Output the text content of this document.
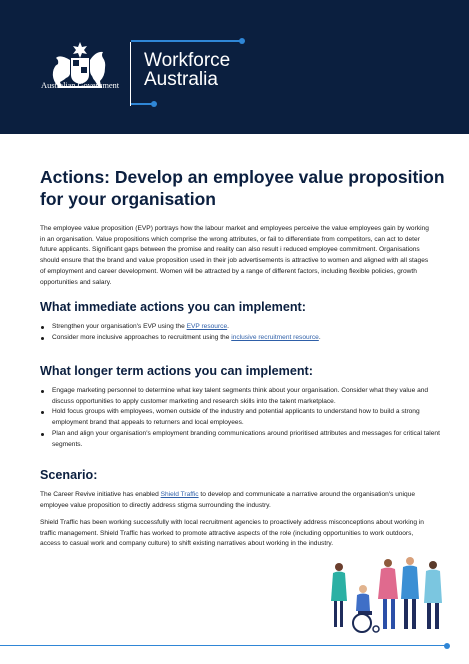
Australian Government
Workforce
Australia
Actions: Develop an employee value proposition for your organisation

The employee value proposition (EVP) portrays how the labour market and employees perceive the value employees gain by working in an organisation. Value propositions which comprise the wrong attributes, or fail to differentiate from competitors, can act to deter future applicants. Significant gaps between the promise and reality can also result i reduced employee commitment. Organisations should ensure that the brand and value proposition used in their job advertisements is attractive to women and aligned with all stages of employment and career development. Women will be attracted by a range of different factors, including flexible policies, growth opportunities and salary.

What immediate actions you can implement:
Strengthen your organisation's EVP using the EVP resource.
Consider more inclusive approaches to recruitment using the inclusive recruitment resource.
What longer term actions you can implement:
Engage marketing personnel to determine what key talent segments think about your organisation. Consider what they value and discuss opportunities to apply customer marketing and research skills into the talent marketplace.
Hold focus groups with employees, women outside of the industry and potential applicants to understand how to build a strong employment brand that appeals to returners and local employees.
Plan and align your organisation's employment branding communications around prioritised attributes and messages for critical talent segments.
Scenario:

The Career Revive initiative has enabled Shield Traffic to develop and communicate a narrative around the organisation's unique employee value proposition to directly address stigma surrounding the industry.

Shield Traffic has been working successfully with local recruitment agencies to proactively address misconceptions about working in traffic management. Shield Traffic has worked to promote attractive aspects of the role (including opportunities to work outdoors, access to casual work and company culture) to shift existing narratives about working in the industry.
